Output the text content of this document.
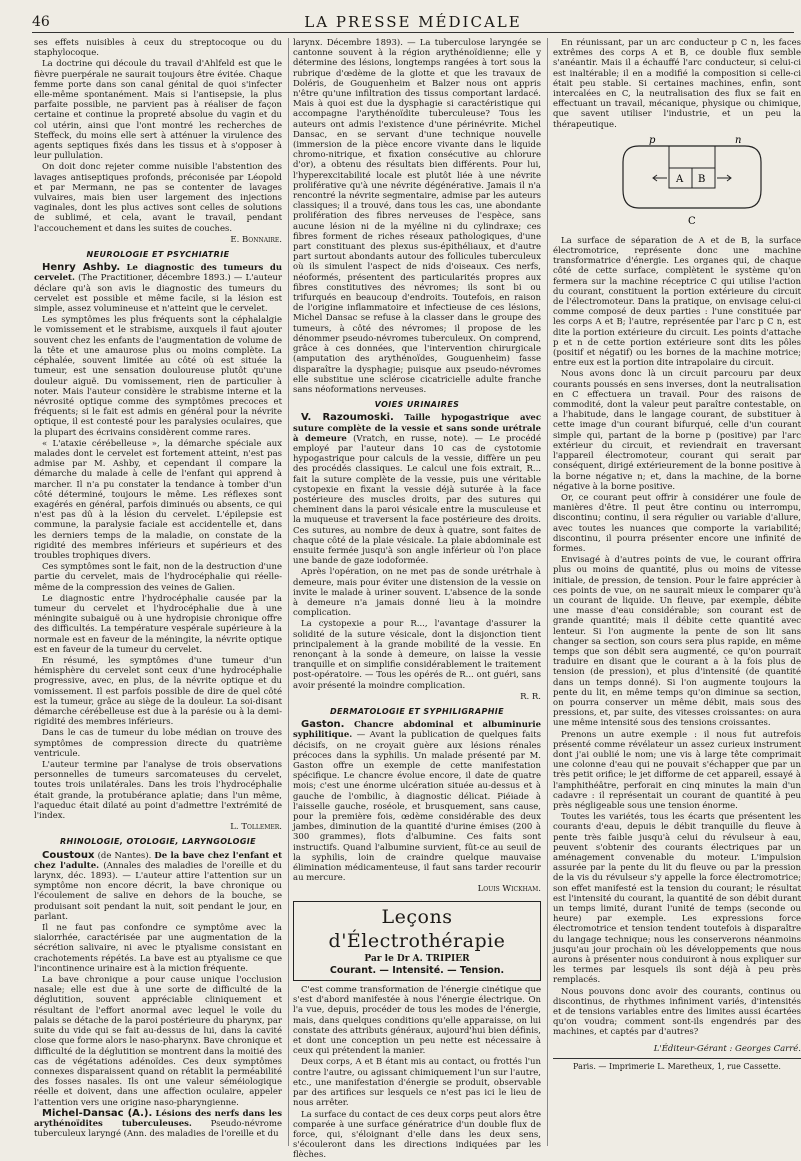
46	LA PRESSE MÉDICALE

ses effets nuisibles à ceux du streptocoque ou du staphylocoque.

La doctrine qui découle du travail d'Ahlfeld est que le fièvre puerpérale ne saurait toujours être évitée. Chaque femme porte dans son canal génital de quoi s'infecter elle-même spontanément. Mais si l'antisepsie, la plus parfaite possible, ne parvient pas à réaliser de façon certaine et continue la propreté absolue du vagin et du col utérin, ainsi que l'ont montré les recherches de Steffeck, du moins elle sert à atténuer la virulence des agents septiques fixés dans les tissus et à s'opposer à leur pullulation.

On doit donc rejeter comme nuisible l'abstention des lavages antiseptiques profonds, préconisée par Léopold et par Mermann, ne pas se contenter de lavages vulvaires, mais bien user largement des injections vaginales, dont les plus actives sont celles de solutions de sublimé, et cela, avant le travail, pendant l'accouchement et dans les suites de couches.

E. Bonnaire.
NEUROLOGIE ET PSYCHIATRIE

Henry Ashby. Le diagnostic des tumeurs du cervelet. (The Practitioner, décembre 1893.) — L'auteur déclare qu'à son avis le diagnostic des tumeurs du cervelet est possible et même facile, si la lésion est simple, assez volumineuse et n'atteint que le cervelet.

Les symptômes les plus fréquents sont la céphalalgie le vomissement et le strabisme, auxquels il faut ajouter souvent chez les enfants de l'augmentation de volume de la tête et une amaurose plus ou moins complète. La céphalée, souvent limitée au côté où est située la tumeur, est une sensation douloureuse plutôt qu'une douleur aiguë. Du vomissement, rien de particulier à noter. Mais l'auteur considère le strabisme interne et la névrosité optique comme des symptômes precoces et fréquents; si le fait est admis en général pour la névrite optique, il est contesté pour les paralysies oculaires, que la plupart des écrivains considèrent comme rares.

« L'ataxie cérébelleuse », la démarche spéciale aux malades dont le cervelet est fortement atteint, n'est pas admise par M. Ashby, et cependant il compare la démarche du malade à celle de l'enfant qui apprend à marcher. Il n'a pu constater la tendance à tomber d'un côté déterminé, toujours le même. Les réflexes sont exagérés en général, parfois diminués ou absents, ce qui n'est pas dû à la lésion du cervelet. L'épilepsie est commune, la paralysie faciale est accidentelle et, dans les derniers temps de la maladie, on constate de la rigidité des membres inférieurs et supérieurs et des troubles trophiques divers.

Ces symptômes sont le fait, non de la destruction d'une partie du cervelet, mais de l'hydrocéphalie qui réelle-même de la compression des veines de Galien.

Le diagnostic entre l'hydrocéphalie causée par la tumeur du cervelet et l'hydrocéphalie due à une méningite subaiguë ou à une hydropisie chronique offre des difficultés. La température vespérale supérieure à la normale est en faveur de la méningite, la névrite optique est en faveur de la tumeur du cervelet.

En résumé, les symptômes d'une tumeur d'un hémisphère du cervelet sont ceux d'une hydrocéphalie progressive, avec, en plus, de la névrite optique et du vomissement. Il est parfois possible de dire de quel côté est la tumeur, grâce au siège de la douleur. La soi-disant démarche cérébelleuse est due à la parésie ou à la demi-rigidité des membres inférieurs.

Dans le cas de tumeur du lobe médian on trouve des symptômes de compression directe du quatrième ventricule.

L'auteur termine par l'analyse de trois observations personnelles de tumeurs sarcomateuses du cervelet, toutes trois unilatérales. Dans les trois l'hydrocéphalie était grande, la protubérance aplatie; dans l'un même, l'aqueduc était dilaté au point d'admettre l'extrémité de l'index.

L. Tollemer.
RHINOLOGIE, OTOLOGIE, LARYNGOLOGIE

Coustoux (de Nantes). De la bave chez l'enfant et chez l'adulte. (Annales des maladies de l'oreille et du larynx, déc. 1893). — L'auteur attire l'attention sur un symptôme non encore décrit, la bave chronique ou l'écoulement de salive en dehors de la bouche, se produisant soit pendant la nuit, soit pendant le jour, en parlant.

Il ne faut pas confondre ce symptôme avec la sialorrhée, caractérisée par une augmentation de la sécrétion salivaire, ni avec le ptyalisme consistant en crachotements répétés. La bave est au ptyalisme ce que l'incontinence urinaire est à la miction fréquente.

La bave chronique a pour cause unique l'occlusion nasale; elle est due à une sorte de difficulté de la déglutition, souvent appréciable cliniquement et résultant de l'effort anormal avec lequel le voile du palais se détache de la paroi postérieure du pharynx, par suite du vide qui se fait au-dessus de lui, dans la cavité close que forme alors le naso-pharynx. Bave chronique et difficulté de la déglutition se montrent dans la moitié des cas de végétations adénoïdes. Ces deux symptômes connexes disparaissent quand on rétablit la perméabilité des fosses nasales. Ils ont une valeur séméiologique réelle et doivent, dans une affection oculaire, appeler l'attention vers une origine naso-pharyngienne.

Michel-Dansac (A.). Lésions des nerfs dans les arythénoïdites tuberculeuses. Pseudo-névrome tuberculeux laryngé (Ann. des maladies de l'oreille et du

larynx. Décembre 1893). — La tuberculose laryngée se cantonne souvent à la région arythénoïdienne; elle y détermine des lésions, longtemps rangées à tort sous la rubrique d'œdème de la glotte et que les travaux de Doléris, de Gouguenheim et Balzer nous ont appris n'être qu'une infiltration des tissus comportant lardacé. Mais à quoi est due la dysphagie si caractéristique qui accompagne l'arythénoïdite tuberculeuse? Tous les auteurs ont admis l'existence d'une périnévrite. Michel Dansac, en se servant d'une technique nouvelle (immersion de la pièce encore vivante dans le liquide chromo-nitrique, et fixation consécutive au chlorure d'or), a obtenu des résultats bien différents. Pour lui, l'hyperexcitabilité locale est plutôt liée à une névrite proliférative qu'à une névrite dégénérative. Jamais il n'a rencontré la névrite segmentaire, admise par les auteurs classiques; il a trouvé, dans tous les cas, une abondante prolifération des fibres nerveuses de l'espèce, sans aucune lésion ni de la myéline ni du cylindraxe; ces fibres forment de riches réseaux pathologiques, d'une part constituant des plexus sus-épithéliaux, et d'autre part surtout abondants autour des follicules tuberculeux où ils simulent l'aspect de nids d'oiseaux. Ces nerfs, néoformés, présentent des particularités propres aux fibres constitutives des névromes; ils sont bi ou trifurqués en beaucoup d'endroits. Toutefois, en raison de l'origine inflammatoire et infectieuse de ces lésions, Michel Dansac se refuse à la classer dans le groupe des tumeurs, à côté des névromes; il propose de les dénommer pseudo-névromes tuberculeux. On comprend, grâce à ces données, que l'intervention chirurgicale (amputation des arythénoïdes, Gouguenheim) fasse disparaître la dysphagie; puisque aux pseudo-névromes elle substitue une sclérose cicatricielle adulte franche sans néoformations nerveuses.

VOIES URINAIRES

V. Razoumoski. Taille hypogastrique avec suture complète de la vessie et sans sonde urétrale à demeure (Vratch, en russe, note). — Le procédé employé par l'auteur dans 10 cas de cystotomie hypogastrique pour calculs de la vessie, diffère un peu des procédés classiques. Le calcul une fois extrait, R... fait la suture complète de la vessie, puis une véritable cystopexie en fixant la vessie déjà suturée à la face postérieure des muscles droits, par des sutures qui cheminent dans la paroi vésicale entre la musculeuse et la muqueuse et traversent la face postérieure des droits. Ces sutures, au nombre de deux à quatre, sont faites de chaque côté de la plaie vésicale. La plaie abdominale est ensuite fermée jusqu'à son angle inférieur où l'on place une bande de gaze iodoformée.

Après l'opération, on ne met pas de sonde urétrhale à demeure, mais pour éviter une distension de la vessie on invite le malade à uriner souvent. L'absence de la sonde à demeure n'a jamais donné lieu à la moindre complication.

La cystopexie a pour R..., l'avantage d'assurer la solidité de la suture vésicale, dont la disjonction tient principalement à la grande mobilité de la vessie. En renonçant à la sonde à demeure, on laisse la vessie tranquille et on simplifie considérablement le traitement post-opératoire. — Tous les opérés de R... ont guéri, sans avoir présenté la moindre complication.

R. R.
DERMATOLOGIE ET SYPHILIGRAPHIE

Gaston. Chancre abdominal et albuminurie syphilitique. — Avant la publication de quelques faits décisifs, on ne croyait guère aux lésions rénales précoces dans la syphilis. Un malade présenté par M. Gaston offre un exemple de cette manifestation spécifique. Le chancre évolue encore, il date de quatre mois; c'est une énorme ulcération située au-dessus et à gauche de l'ombilic, à diagnostic délicat. Piéiade à l'aisselle gauche, roséole, et brusquement, sans cause, pour la première fois, œdème considérable des deux jambes, diminution de la quantité d'urine émises (200 à 300 grammes), flots d'albumine. Ces faits sont instructifs. Quand l'albumine survient, fût-ce au seuil de la syphilis, loin de craindre quelque mauvaise élimination médicamenteuse, il faut sans tarder recourir au mercure.

Louis Wickham.
Leçons d'Électrothérapie
Par le Dr A. TRIPIER
Courant. — Intensité. — Tension.

C'est comme transformation de l'énergie cinétique que s'est d'abord manifestée à nous l'énergie électrique. On l'a vue, depuis, procéder de tous les modes de l'énergie, mais, dans quelques conditions qu'elle apparaisse, on lui constate des attributs généraux, aujourd'hui bien définis, et dont une conception un peu nette est nécessaire à ceux qui prétendent la manier.

Deux corps, A et B étant mis au contact, ou frottés l'un contre l'autre, ou agissant chimiquement l'un sur l'autre, etc., une manifestation d'énergie se produit, observable par des artifices sur lesquels ce n'est pas ici le lieu de nous arrêter.

La surface du contact de ces deux corps peut alors être comparée à une surface génératrice d'un double flux de force, qui, s'éloignant d'elle dans les deux sens, s'écouleront dans les directions indiquées par les flèches.

En réunissant, par un arc conducteur p C n, les faces extrêmes des corps A et B, ce double flux semble s'anéantir. Mais il a échauffé l'arc conducteur, si celui-ci est inaltérable; il en a modifié la composition si celle-ci était peu stable. Si certaines machines, enfin, sont intercalées en C, la neutralisation des flux se fait en effectuant un travail, mécanique, physique ou chimique, que savent utiliser l'industrie, et un peu la thérapeutique.

p	n
A B
C

La surface de séparation de A et de B, la surface électromotrice, représente donc une machine transformatrice d'énergie. Les organes qui, de chaque côté de cette surface, complètent le système qu'on fermera sur la machine réceptrice C qui utilise l'action du courant, constituent la portion extérieure du circuit de l'électromoteur. Dans la pratique, on envisage celui-ci comme composé de deux parties : l'une constituée par les corps A et B; l'autre, représentée par l'arc p C n, est dite la portion extérieure du circuit. Les points d'attache p et n de cette portion extérieure sont dits les pôles (positif et négatif) ou les bornes de la machine motrice; entre eux est la portion dite intrapolaire du circuit.

Nous avons donc là un circuit parcouru par deux courants poussés en sens inverses, dont la neutralisation en C effectuera un travail. Pour des raisons de commodité, dont la valeur peut paraître contestable, on a l'habitude, dans le langage courant, de substituer à cette image d'un courant bifurqué, celle d'un courant simple qui, partant de la borne p (positive) par l'arc extérieur du circuit, et reviendrait en traversant l'appareil électromoteur, courant qui serait par conséquent, dirigé extérieurement de la bonne positive à la borne négative n; et, dans la machine, de la borne négative à la borne positive.

Or, ce courant peut offrir à considérer une foule de manières d'être. Il peut être continu ou interrompu, discontinu; continu, il sera régulier ou variable d'allure, avec toutes les nuances que comporte la variabilité; discontinu, il pourra présenter encore une infinité de formes.

Envisagé à d'autres points de vue, le courant offrira plus ou moins de quantité, plus ou moins de vitesse initiale, de pression, de tension. Pour le faire apprécier à ces points de vue, on ne saurait mieux le comparer qu'à un courant de liquide. Un fleuve, par exemple, débite une masse d'eau considérable; son courant est de grande quantité; mais il débite cette quantité avec lenteur. Si l'on augmente la pente de son lit sans changer sa section, son cours sera plus rapide, en même temps que son débit sera augmenté, ce qu'on pourrait traduire en disant que le courant a à la fois plus de tension (de pression), et plus d'intensité (de quantité dans un temps donné). Si l'on augmente toujours la pente du lit, en même temps qu'on diminue sa section, on pourra conserver un même débit, mais sous des pressions, et, par suite, des vitesses croissantes: on aura une même intensité sous des tensions croissantes.

Prenons un autre exemple : il nous fut autrefois présenté comme révélateur un assez curieux instrument dont j'ai oublié le nom; une vis à large tête comprimait une colonne d'eau qui ne pouvait s'échapper que par un très petit orifice; le jet difforme de cet appareil, essayé à l'amphithéâtre, perforait en cinq minutes la main d'un cadavre : il représentait un courant de quantité à peu près négligeable sous une tension énorme.

Toutes les variétés, tous les écarts que présentent les courants d'eau, depuis le débit tranquille du fleuve à pente très faible jusqu'à celui du révulseur à eau, peuvent s'obtenir des courants électriques par un aménagement convenable du moteur. L'impulsion assurée par la pente du lit du fleuve ou par la pression de la vis du révulseur s'y appelle la force électromotrice; son effet manifesté est la tension du courant; le résultat est l'intensité du courant, la quantité de son débit durant un temps limité, durant l'unité de temps (seconde ou heure) par exemple. Les expressions force électromotrice et tension tendent toutefois à disparaître du langage technique; nous les conserverons néanmoins jusqu'au jour prochain où les développements que nous aurons à présenter nous conduiront à nous expliquer sur les termes par lesquels ils sont déjà à peu près remplacés.

Nous pouvons donc avoir des courants, continus ou discontinus, de rhythmes infiniment variés, d'intensités et de tensions variables entre des limites aussi écartées qu'on voudra; comment sont-ils engendrés par des machines, et captés par d'autres?

L'Éditeur-Gérant : Georges Carré.
Paris. — Imprimerie L. Maretheux, 1, rue Cassette.
